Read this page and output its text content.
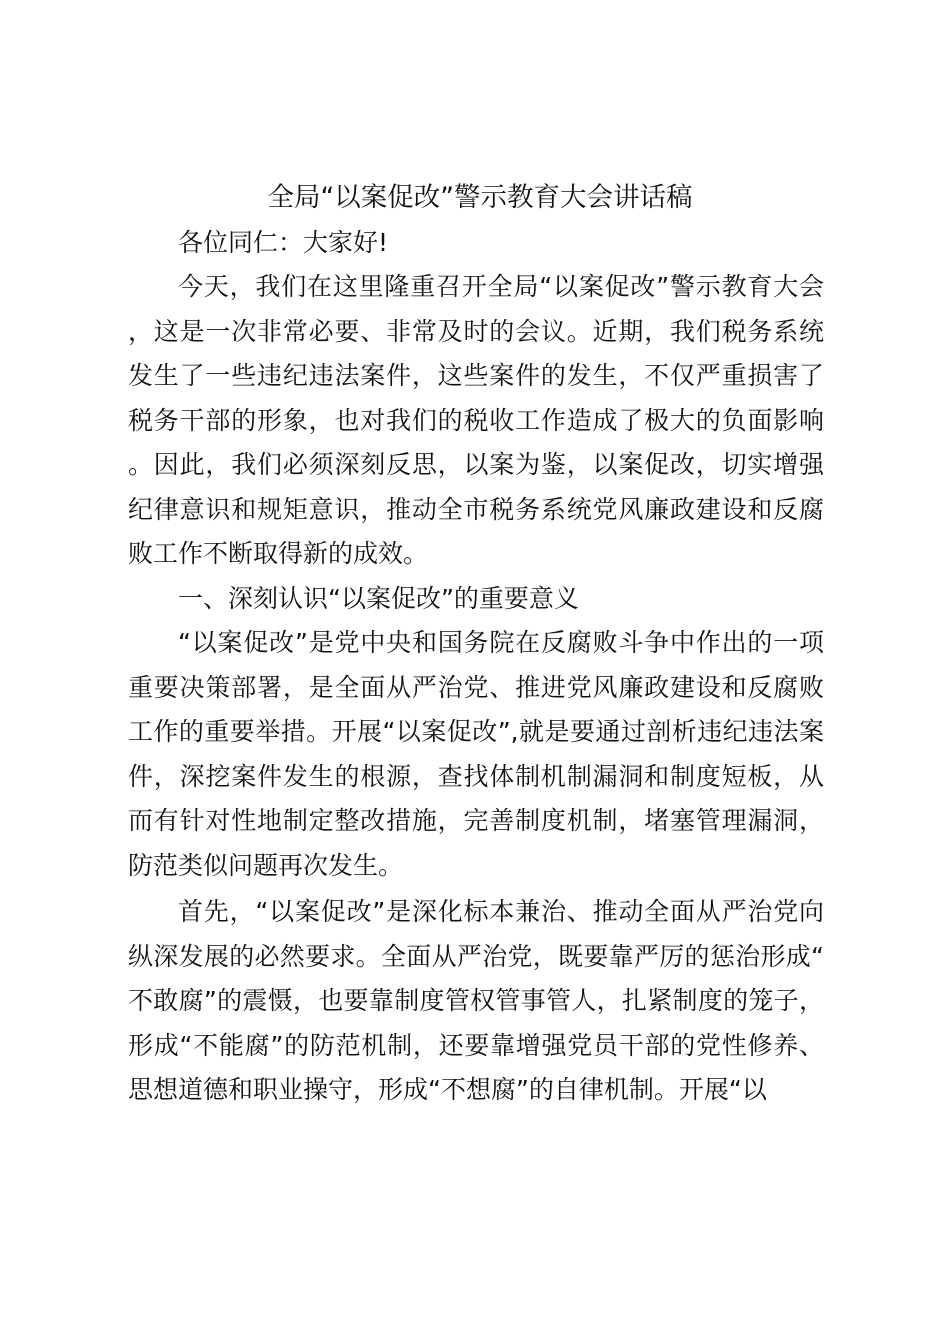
全局“以案促改”警示教育大会讲话稿

各位同仁：大家好!

今天，我们在这里隆重召开全局“以案促改”警示教育大会，这是一次非常必要、非常及时的会议。近期，我们税务系统发生了一些违纪违法案件，这些案件的发生，不仅严重损害了税务干部的形象，也对我们的税收工作造成了极大的负面影响。因此，我们必须深刻反思，以案为鉴，以案促改，切实增强纪律意识和规矩意识，推动全市税务系统党风廉政建设和反腐败工作不断取得新的成效。

一、深刻认识“以案促改”的重要意义

“以案促改”是党中央和国务院在反腐败斗争中作出的一项重要决策部署，是全面从严治党、推进党风廉政建设和反腐败工作的重要举措。开展“以案促改”,就是要通过剖析违纪违法案件，深挖案件发生的根源，查找体制机制漏洞和制度短板，从而有针对性地制定整改措施，完善制度机制，堵塞管理漏洞，防范类似问题再次发生。

首先，“以案促改”是深化标本兼治、推动全面从严治党向纵深发展的必然要求。全面从严治党，既要靠严厉的惩治形成“不敢腐”的震慑，也要靠制度管权管事管人，扎紧制度的笼子，形成“不能腐”的防范机制，还要靠增强党员干部的党性修养、思想道德和职业操守，形成“不想腐”的自律机制。开展“以
